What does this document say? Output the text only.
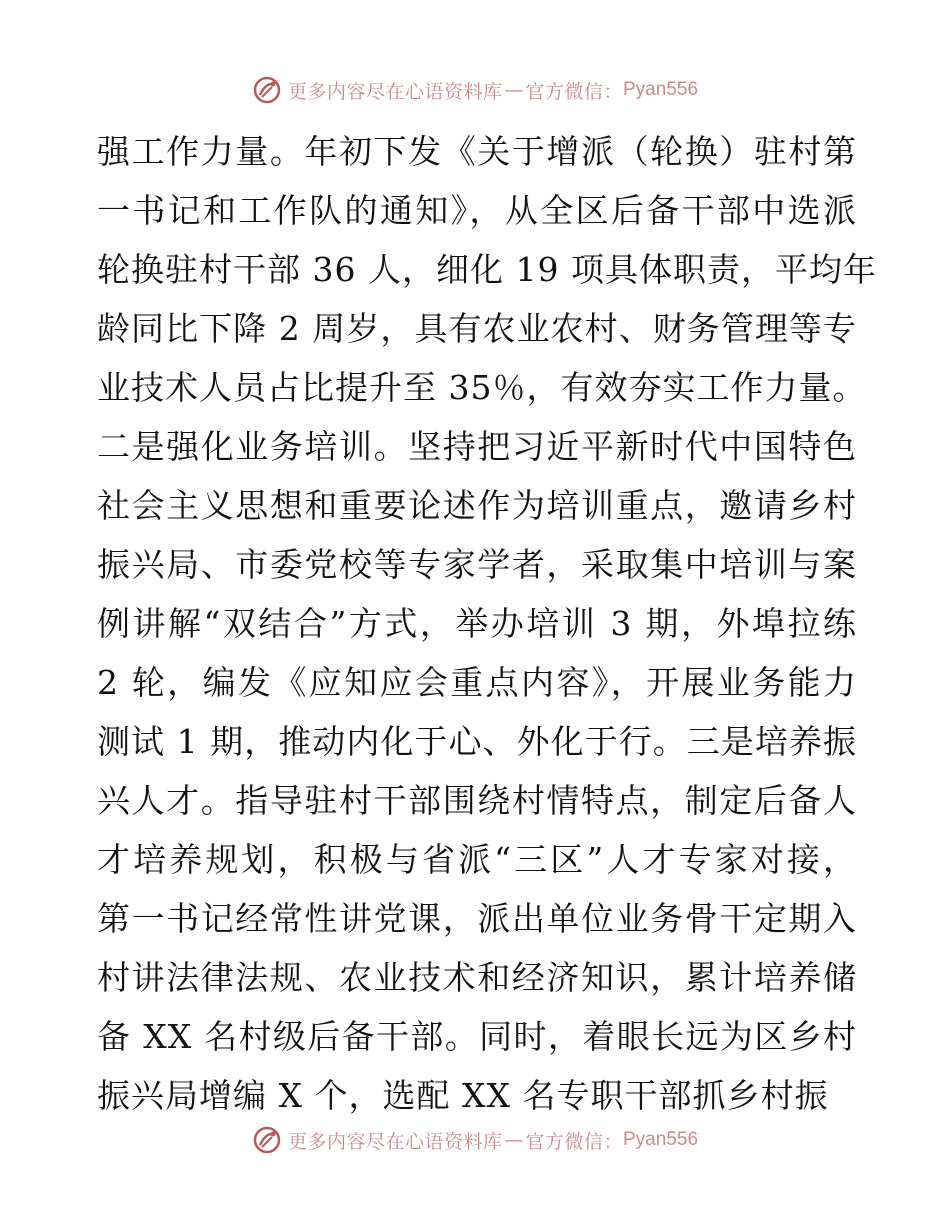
更多内容尽在心语资料库 — 官方微信： Pyan556
强工作力量。年初下发《关于增派（轮换）驻村第
一书记和工作队的通知》，从全区后备干部中选派
轮换驻村干部 36 人，细化 19 项具体职责，平均年
龄同比下降 2 周岁，具有农业农村、财务管理等专
业技术人员占比提升至 35％，有效夯实工作力量。
二是强化业务培训。坚持把习近平新时代中国特色
社会主义思想和重要论述作为培训重点，邀请乡村
振兴局、市委党校等专家学者，采取集中培训与案
例讲解“双结合”方式，举办培训 3 期，外埠拉练
2 轮，编发《应知应会重点内容》，开展业务能力
测试 1 期，推动内化于心、外化于行。三是培养振
兴人才。指导驻村干部围绕村情特点，制定后备人
才培养规划，积极与省派“三区”人才专家对接，
第一书记经常性讲党课，派出单位业务骨干定期入
村讲法律法规、农业技术和经济知识，累计培养储
备 XX 名村级后备干部。同时，着眼长远为区乡村
振兴局增编 X 个，选配 XX 名专职干部抓乡村振
更多内容尽在心语资料库 — 官方微信： Pyan556
